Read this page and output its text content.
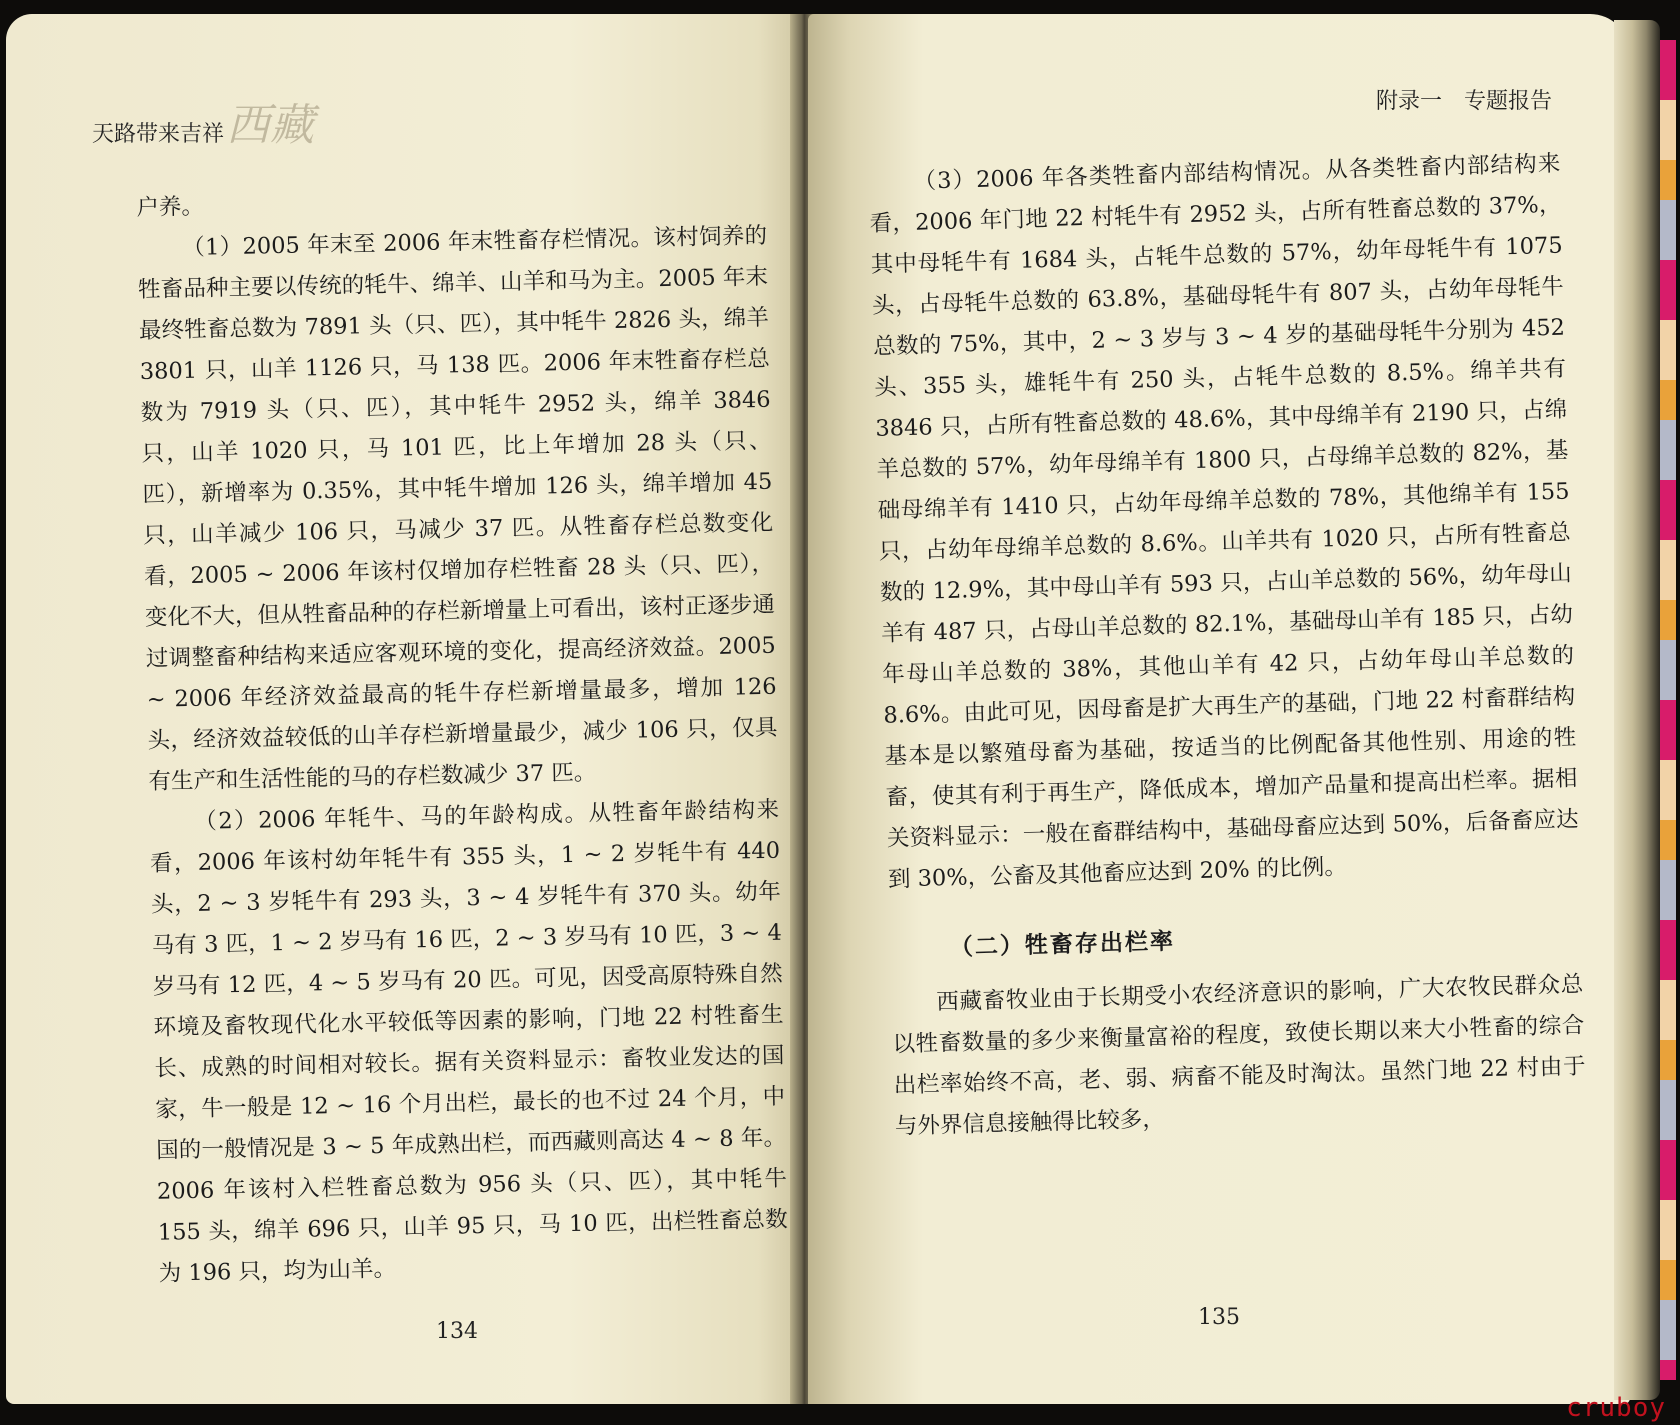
天路带来吉祥 西藏

户养。

（1）2005 年末至 2006 年末牲畜存栏情况。该村饲养的牲畜品种主要以传统的牦牛、绵羊、山羊和马为主。2005 年末最终牲畜总数为 7891 头（只、匹），其中牦牛 2826 头，绵羊 3801 只，山羊 1126 只，马 138 匹。2006 年末牲畜存栏总数为 7919 头（只、匹），其中牦牛 2952 头，绵羊 3846 只，山羊 1020 只，马 101 匹，比上年增加 28 头（只、匹），新增率为 0.35%，其中牦牛增加 126 头，绵羊增加 45 只，山羊减少 106 只，马减少 37 匹。从牲畜存栏总数变化看，2005 ~ 2006 年该村仅增加存栏牲畜 28 头（只、匹），变化不大，但从牲畜品种的存栏新增量上可看出，该村正逐步通过调整畜种结构来适应客观环境的变化，提高经济效益。2005 ~ 2006 年经济效益最高的牦牛存栏新增量最多，增加 126 头，经济效益较低的山羊存栏新增量最少，减少 106 只，仅具有生产和生活性能的马的存栏数减少 37 匹。

（2）2006 年牦牛、马的年龄构成。从牲畜年龄结构来看，2006 年该村幼年牦牛有 355 头，1 ~ 2 岁牦牛有 440 头，2 ~ 3 岁牦牛有 293 头，3 ~ 4 岁牦牛有 370 头。幼年马有 3 匹，1 ~ 2 岁马有 16 匹，2 ~ 3 岁马有 10 匹，3 ~ 4 岁马有 12 匹，4 ~ 5 岁马有 20 匹。可见，因受高原特殊自然环境及畜牧现代化水平较低等因素的影响，门地 22 村牲畜生长、成熟的时间相对较长。据有关资料显示：畜牧业发达的国家，牛一般是 12 ~ 16 个月出栏，最长的也不过 24 个月，中国的一般情况是 3 ~ 5 年成熟出栏，而西藏则高达 4 ~ 8 年。2006 年该村入栏牲畜总数为 956 头（只、匹），其中牦牛 155 头，绵羊 696 只，山羊 95 只，马 10 匹，出栏牲畜总数为 196 只，均为山羊。

134
附录一　专题报告

（3）2006 年各类牲畜内部结构情况。从各类牲畜内部结构来看，2006 年门地 22 村牦牛有 2952 头，占所有牲畜总数的 37%，其中母牦牛有 1684 头，占牦牛总数的 57%，幼年母牦牛有 1075 头，占母牦牛总数的 63.8%，基础母牦牛有 807 头，占幼年母牦牛总数的 75%，其中，2 ~ 3 岁与 3 ~ 4 岁的基础母牦牛分别为 452 头、355 头，雄牦牛有 250 头，占牦牛总数的 8.5%。绵羊共有 3846 只，占所有牲畜总数的 48.6%，其中母绵羊有 2190 只，占绵羊总数的 57%，幼年母绵羊有 1800 只，占母绵羊总数的 82%，基础母绵羊有 1410 只，占幼年母绵羊总数的 78%，其他绵羊有 155 只，占幼年母绵羊总数的 8.6%。山羊共有 1020 只，占所有牲畜总数的 12.9%，其中母山羊有 593 只，占山羊总数的 56%，幼年母山羊有 487 只，占母山羊总数的 82.1%，基础母山羊有 185 只，占幼年母山羊总数的 38%，其他山羊有 42 只，占幼年母山羊总数的 8.6%。由此可见，因母畜是扩大再生产的基础，门地 22 村畜群结构基本是以繁殖母畜为基础，按适当的比例配备其他性别、用途的牲畜，使其有利于再生产，降低成本，增加产品量和提高出栏率。据相关资料显示：一般在畜群结构中，基础母畜应达到 50%，后备畜应达到 30%，公畜及其他畜应达到 20% 的比例。

（二）牲畜存出栏率

西藏畜牧业由于长期受小农经济意识的影响，广大农牧民群众总以牲畜数量的多少来衡量富裕的程度，致使长期以来大小牲畜的综合出栏率始终不高，老、弱、病畜不能及时淘汰。虽然门地 22 村由于与外界信息接触得比较多，

135
cruboy
